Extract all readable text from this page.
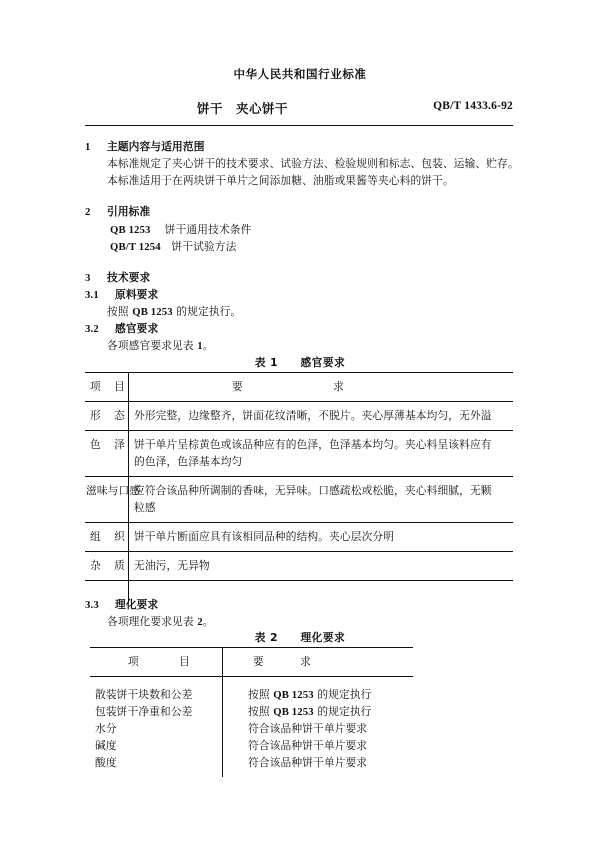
中华人民共和国行业标准
饼干　夹心饼干	QB/T 1433.6-92
1 主题内容与适用范围
本标准规定了夹心饼干的技术要求、试验方法、检验规则和标志、包装、运输、贮存。
本标准适用于在两块饼干单片之间添加糖、油脂或果酱等夹心料的饼干。
2 引用标准
QB 1253 饼干通用技术条件
QB/T 1254 饼干试验方法
3 技术要求
3.1 原料要求
按照 QB 1253 的规定执行。
3.2 感官要求
各项感官要求见表 1。
表 1　　感官要求
项 目	要	求
形 态 外形完整，边缘整齐，饼面花纹清晰，不脱片。夹心厚薄基本均匀，无外溢
色 泽 饼干单片呈棕黄色或该品种应有的色泽，色泽基本均匀。夹心料呈该料应有
的色泽，色泽基本均匀
滋味与口感
应符合该品种所调制的香味，无异味。口感疏松或松脆，夹心料细腻，无颗
粒感
组 织 饼干单片断面应具有该相同品种的结构。夹心层次分明
杂 质 无油污，无异物
3.3 理化要求
各项理化要求见表 2。
表 2　　理化要求
项	目	要	求
散装饼干块数和公差	按照 QB 1253 的规定执行
包装饼干净重和公差	按照 QB 1253 的规定执行
水分	符合该品种饼干单片要求
碱度	符合该品种饼干单片要求
酸度	符合该品种饼干单片要求
